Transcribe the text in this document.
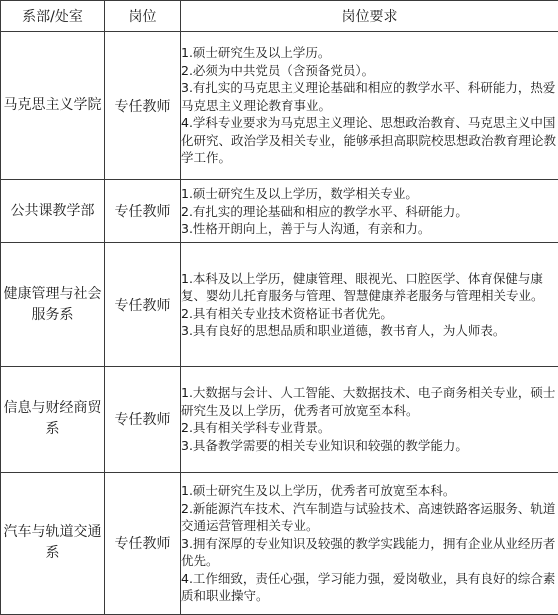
系部/处室	岗位	岗位要求
马克思主义学院	专任教师	1.硕士研究生及以上学历。
2.必须为中共党员（含预备党员）。
3.有扎实的马克思主义理论基础和相应的教学水平、科研能力，热爱马克思主义理论教育事业。
4.学科专业要求为马克思主义理论、思想政治教育、马克思主义中国化研究、政治学及相关专业，能够承担高职院校思想政治教育理论教学工作。

公共课教学部	专任教师	1.硕士研究生及以上学历，数学相关专业。
2.有扎实的理论基础和相应的教学水平、科研能力。
3.性格开朗向上，善于与人沟通，有亲和力。

健康管理与社会服务系	专任教师	1.本科及以上学历，健康管理、眼视光、口腔医学、体育保健与康复、婴幼儿托育服务与管理、智慧健康养老服务与管理相关专业。
2.具有相关专业技术资格证书者优先。
3.具有良好的思想品质和职业道德，教书育人，为人师表。

信息与财经商贸系	专任教师	1.大数据与会计、人工智能、大数据技术、电子商务相关专业，硕士研究生及以上学历，优秀者可放宽至本科。
2.具有相关学科专业背景。
3.具备教学需要的相关专业知识和较强的教学能力。

汽车与轨道交通系	专任教师	1.硕士研究生及以上学历，优秀者可放宽至本科。
2.新能源汽车技术、汽车制造与试验技术、高速铁路客运服务、轨道交通运营管理相关专业。
3.拥有深厚的专业知识及较强的教学实践能力，拥有企业从业经历者优先。
4.工作细致，责任心强，学习能力强，爱岗敬业，具有良好的综合素质和职业操守。
